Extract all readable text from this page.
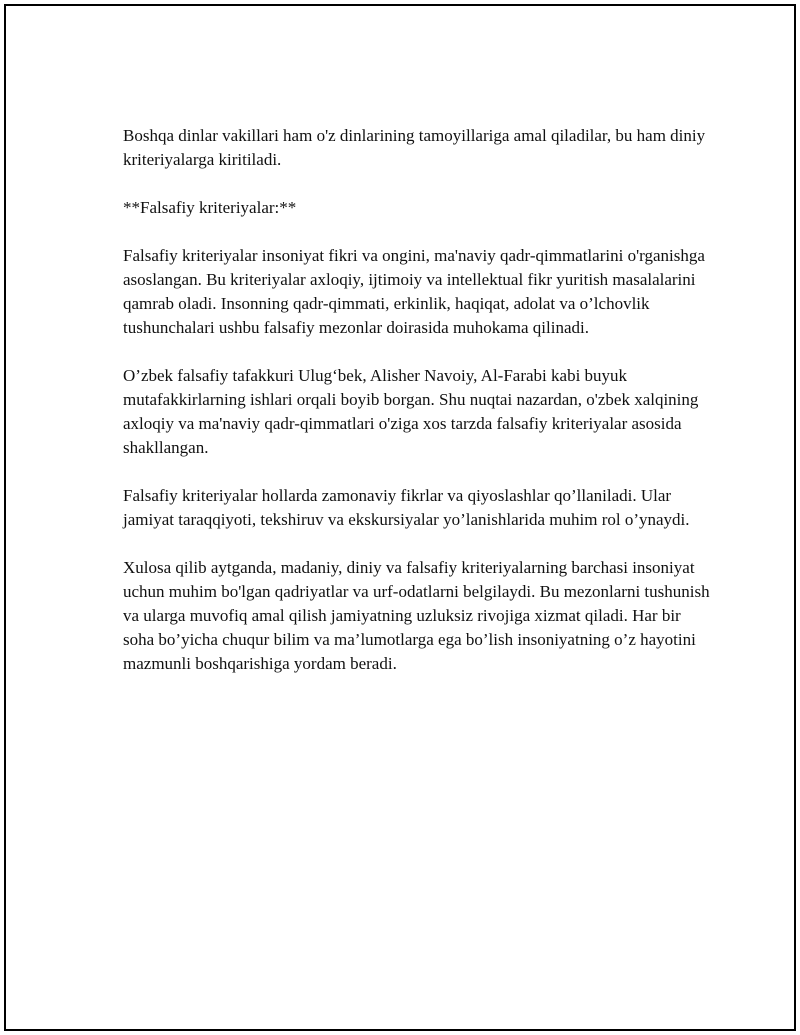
Boshqa dinlar vakillari ham o'z dinlarining tamoyillariga amal qiladilar, bu ham diniy kriteriyalarga kiritiladi.

**Falsafiy kriteriyalar:**

Falsafiy kriteriyalar insoniyat fikri va ongini, ma'naviy qadr-qimmatlarini o'rganishga asoslangan. Bu kriteriyalar axloqiy, ijtimoiy va intellektual fikr yuritish masalalarini qamrab oladi. Insonning qadr-qimmati, erkinlik, haqiqat, adolat va o’lchovlik tushunchalari ushbu falsafiy mezonlar doirasida muhokama qilinadi.

O’zbek falsafiy tafakkuri Ulug‘bek, Alisher Navoiy, Al-Farabi kabi buyuk mutafakkirlarning ishlari orqali boyib borgan. Shu nuqtai nazardan, o'zbek xalqining axloqiy va ma'naviy qadr-qimmatlari o'ziga xos tarzda falsafiy kriteriyalar asosida shakllangan.

Falsafiy kriteriyalar hollarda zamonaviy fikrlar va qiyoslashlar qo’llaniladi. Ular jamiyat taraqqiyoti, tekshiruv va ekskursiyalar yo’lanishlarida muhim rol o’ynaydi.

Xulosa qilib aytganda, madaniy, diniy va falsafiy kriteriyalarning barchasi insoniyat uchun muhim bo'lgan qadriyatlar va urf-odatlarni belgilaydi. Bu mezonlarni tushunish va ularga muvofiq amal qilish jamiyatning uzluksiz rivojiga xizmat qiladi. Har bir soha bo’yicha chuqur bilim va ma’lumotlarga ega bo’lish insoniyatning o’z hayotini mazmunli boshqarishiga yordam beradi.
